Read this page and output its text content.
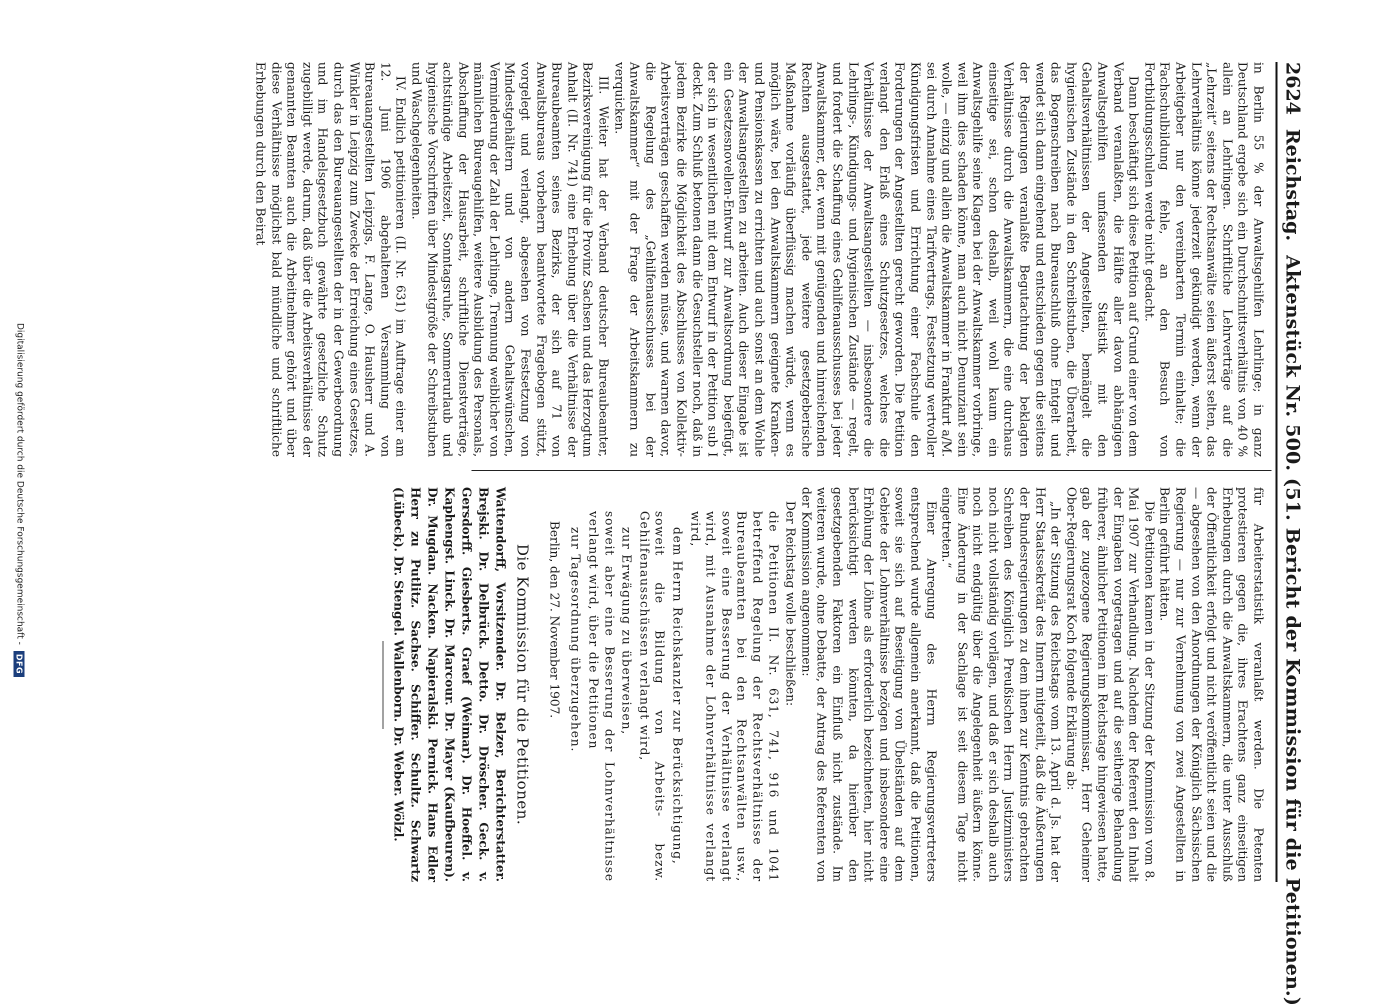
2624
Reichstag.
Aktenstück Nr. 500. (51. Bericht der Kommission für die Petitionen.)

in Berlin 55 % der Anwaltsgehilfen Lehrlinge; in ganz Deutschland ergebe sich ein Durchschnittsverhältnis von 40 % allein an Lehrlingen. Schriftliche Lehrverträge auf die „Lehrzeit“ seitens der Rechtsanwälte seien äußerst selten, das Lehrverhältnis könne jederzeit gekündigt werden, wenn der Arbeitgeber nur den vereinbarten Termin einhalte; die Fachschulbildung fehle, an den Besuch von Fortbildungsschulen werde nicht gedacht.

Dann beschäftigt sich diese Petition auf Grund einer von dem Verband veranlaßten, die Hälfte aller davon abhängigen Anwaltsgehilfen umfassenden Statistik mit den Gehaltsverhältnissen der Angestellten, bemängelt die hygienischen Zustände in den Schreibstuben, die Überarbeit, das Bogenschreiben nach Bureauschluß ohne Entgelt und wendet sich dann eingehend und entschieden gegen die seitens der Regierungen veranlaßte Begutachtung der beklagten Verhältnisse durch die Anwaltskammern, die eine durchaus einseitige sei, schon deshalb, weil wohl kaum ein Anwaltsgehilfe seine Klagen bei der Anwaltskammer vorbringe, weil ihm dies schaden könne, man auch nicht Denunziant sein wolle, — einzig und allein die Anwaltskammer in Frankfurt a/M. sei durch Annahme eines Tarifvertrags, Festsetzung wertvoller Kündigungsfristen und Errichtung einer Fachschule den Forderungen der Angestellten gerecht geworden. Die Petition verlangt den Erlaß eines Schutzgesetzes, welches die Verhältnisse der Anwaltsangestellten — insbesondere die Lehrlings-, Kündigungs- und hygienischen Zustände — regelt, und fordert die Schaffung eines Gehilfenausschusses bei jeder Anwaltskammer, der, wenn mit genügenden und hinreichenden Rechten ausgestattet, jede weitere gesetzgeberische Maßnahme vorläufig überflüssig machen würde, wenn es möglich wäre, bei den Anwaltskammern geeignete Kranken- und Pensionskassen zu errichten und auch sonst an dem Wohle der Anwaltsangestellten zu arbeiten. Auch dieser Eingabe ist ein Gesetzesnovellen-Entwurf zur Anwaltsordnung beigefügt, der sich in wesentlichen mit dem Entwurf in der Petition sub I deckt. Zum Schluß betonen dann die Gesuchsteller noch, daß in jedem Bezirke die Möglichkeit des Abschlusses von Kollektiv-Arbeitsverträgen geschaffen werden müsse, und warnen davor, die Regelung des „Gehilfenausschusses bei der Anwaltskammer“ mit der Frage der Arbeitskammern zu verquicken.

III. Weiter hat der Verband deutscher Bureaubeamter, Bezirksvereinigung für die Provinz Sachsen und das Herzogtum Anhalt (II. Nr. 741) eine Erhebung über die Verhältnisse der Bureaubeamten seines Bezirks, der sich auf 71 von Anwaltsbureaus vorbehern beantwortete Fragebogen stützt, vorgelegt und verlangt, abgesehen von Festsetzung von Mindestgehältern und von andern Gehaltswünschen, Verminderung der Zahl der Lehrlinge, Trennung weiblicher von männlichen Bureaugehilfen, weitere Ausbildung des Personals, Abschaffung der Hausarbeit, schriftliche Dienstverträge, achtstündige Arbeitszeit, Sonntagsruhe, Sommerurlaub und hygienische Vorschriften über Mindestgröße der Schreibstuben und Waschgelegenheiten.

IV. Endlich petitionieren (II. Nr. 631) im Auftrage einer am 12. Juni 1906 abgehaltenen Versammlung von Bureauangestellten Leipzigs, F. Lange, O. Hausherr und A. Winkler in Leipzig zum Zwecke der Erreichung eines Gesetzes, durch das den Bureauangestellten der in der Gewerbeordnung und im Handelsgesetzbuch gewährte gesetzliche Schutz zugebilligt werde, darum, daß über die Arbeitsverhältnisse der genannten Beamten auch die Arbeitnehmer gehört und über diese Verhältnisse möglichst bald mündliche und schriftliche Erhebungen durch den Beirat

für Arbeiterstatistik veranlaßt werden. Die Petenten protestieren gegen die, ihres Erachtens ganz einseitigen Erhebungen durch die Anwaltskammern, die unter Ausschluß der Öffentlichkeit erfolgt und nicht veröffentlicht seien und die — abgesehen von den Anordnungen der Königlich Sächsischen Regierung — nur zur Vernehmung von zwei Angestellten in Berlin geführt hätten.

Die Petitionen kamen in der Sitzung der Kommission vom 8. Mai 1907 zur Verhandlung. Nachdem der Referent den Inhalt der Eingaben vorgetragen und auf die seitherige Behandlung früherer, ähnlicher Petitionen im Reichstage hingewiesen hatte, gab der zugezogene Regierungskommissar, Herr Geheimer Ober-Regierungsrat Koch folgende Erklärung ab:

„In der Sitzung des Reichstags vom 13. April d. Js. hat der Herr Staatssekretär des Innern mitgeteilt, daß die Äußerungen der Bundesregierungen zu dem ihnen zur Kenntnis gebrachten Schreiben des Königlich Preußischen Herrn Justizministers noch nicht vollständig vorlägen, und daß er sich deshalb auch noch nicht endgültig über die Angelegenheit äußern könne. Eine Änderung in der Sachlage ist seit diesem Tage nicht eingetreten.“

Einer Anregung des Herrn Regierungsvertreters entsprechend wurde allgemein anerkannt, daß die Petitionen, soweit sie sich auf Beseitigung von Übelständen auf dem Gebiete der Lohnverhältnisse bezögen und insbesondere eine Erhöhung der Löhne als erforderlich bezeichneten, hier nicht berücksichtigt werden könnten, da hierüber den gesetzgebenden Faktoren ein Einfluß nicht zustände. Im weiteren wurde, ohne Debatte, der Antrag des Referenten von der Kommission angenommen:

Der Reichstag wolle beschließen:

die Petitionen II. Nr. 631, 741, 916 und 1041 betreffend Regelung der Rechtsverhältnisse der Bureaubeamten bei den Rechtsanwälten usw., soweit eine Besserung der Verhältnisse verlangt wird, mit Ausnahme der Lohnverhältnisse verlangt wird,

dem Herrn Reichskanzler zur Berücksichtigung,

soweit die Bildung von Arbeits- bezw. Gehilfenausschüssen verlangt wird,

zur Erwägung zu überweisen,

soweit aber eine Besserung der Lohnverhältnisse verlangt wird, über die Petitionen

zur Tagesordnung überzugehen.

Berlin, den 27. November 1907.

Die Kommission für die Petitionen.

Wattendorff, Vorsitzender. Dr. Belzer, Berichterstatter. Brejski. Dr. Delbrück. Detto. Dr. Dröscher. Geck. v. Gersdorff. Giesberts. Graef (Weimar). Dr. Hoeffel. v. Kaphengst. Linck. Dr. Marcour. Dr. Mayer (Kaufbeuren). Dr. Mugdan. Nacken. Napieralski. Pernick. Hans Edler Herr zu Putlitz. Sachse. Schiffer. Schultz. Schwartz (Lübeck). Dr. Stengel. Wallenborn. Dr. Weber. Wölzl.

Digitalisierung gefördert durch die Deutsche Forschungsgemeinschaft -
DFG
